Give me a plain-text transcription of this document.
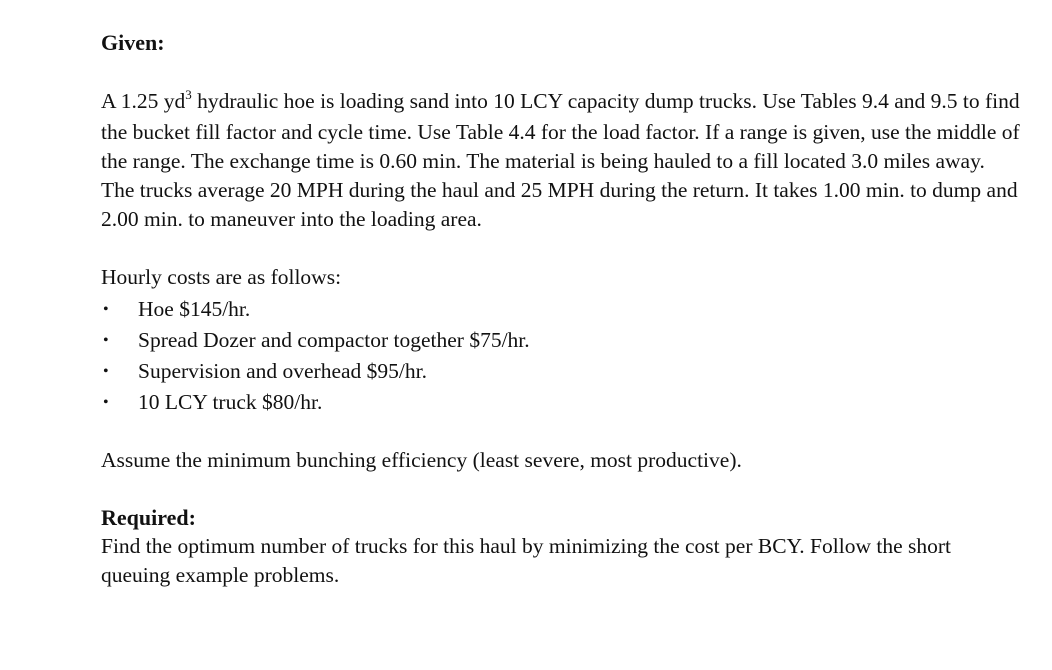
Given:

A 1.25 $yd^3$ hydraulic hoe is loading sand into 10 LCY capacity dump trucks. Use Tables 9.4 and 9.5 to find the bucket fill factor and cycle time. Use Table 4.4 for the load factor. If a range is given, use the middle of the range. The exchange time is 0.60 min. The material is being hauled to a fill located 3.0 miles away. The trucks average 20 MPH during the haul and 25 MPH during the return. It takes 1.00 min. to dump and 2.00 min. to maneuver into the loading area.

Hourly costs are as follows:

• Hoe $145/hr.
• Spread Dozer and compactor together $75/hr.
• Supervision and overhead $95/hr.
• 10 LCY truck $80/hr.

Assume the minimum bunching efficiency (least severe, most productive).

Required:

Find the optimum number of trucks for this haul by minimizing the cost per BCY. Follow the short queuing example problems.
